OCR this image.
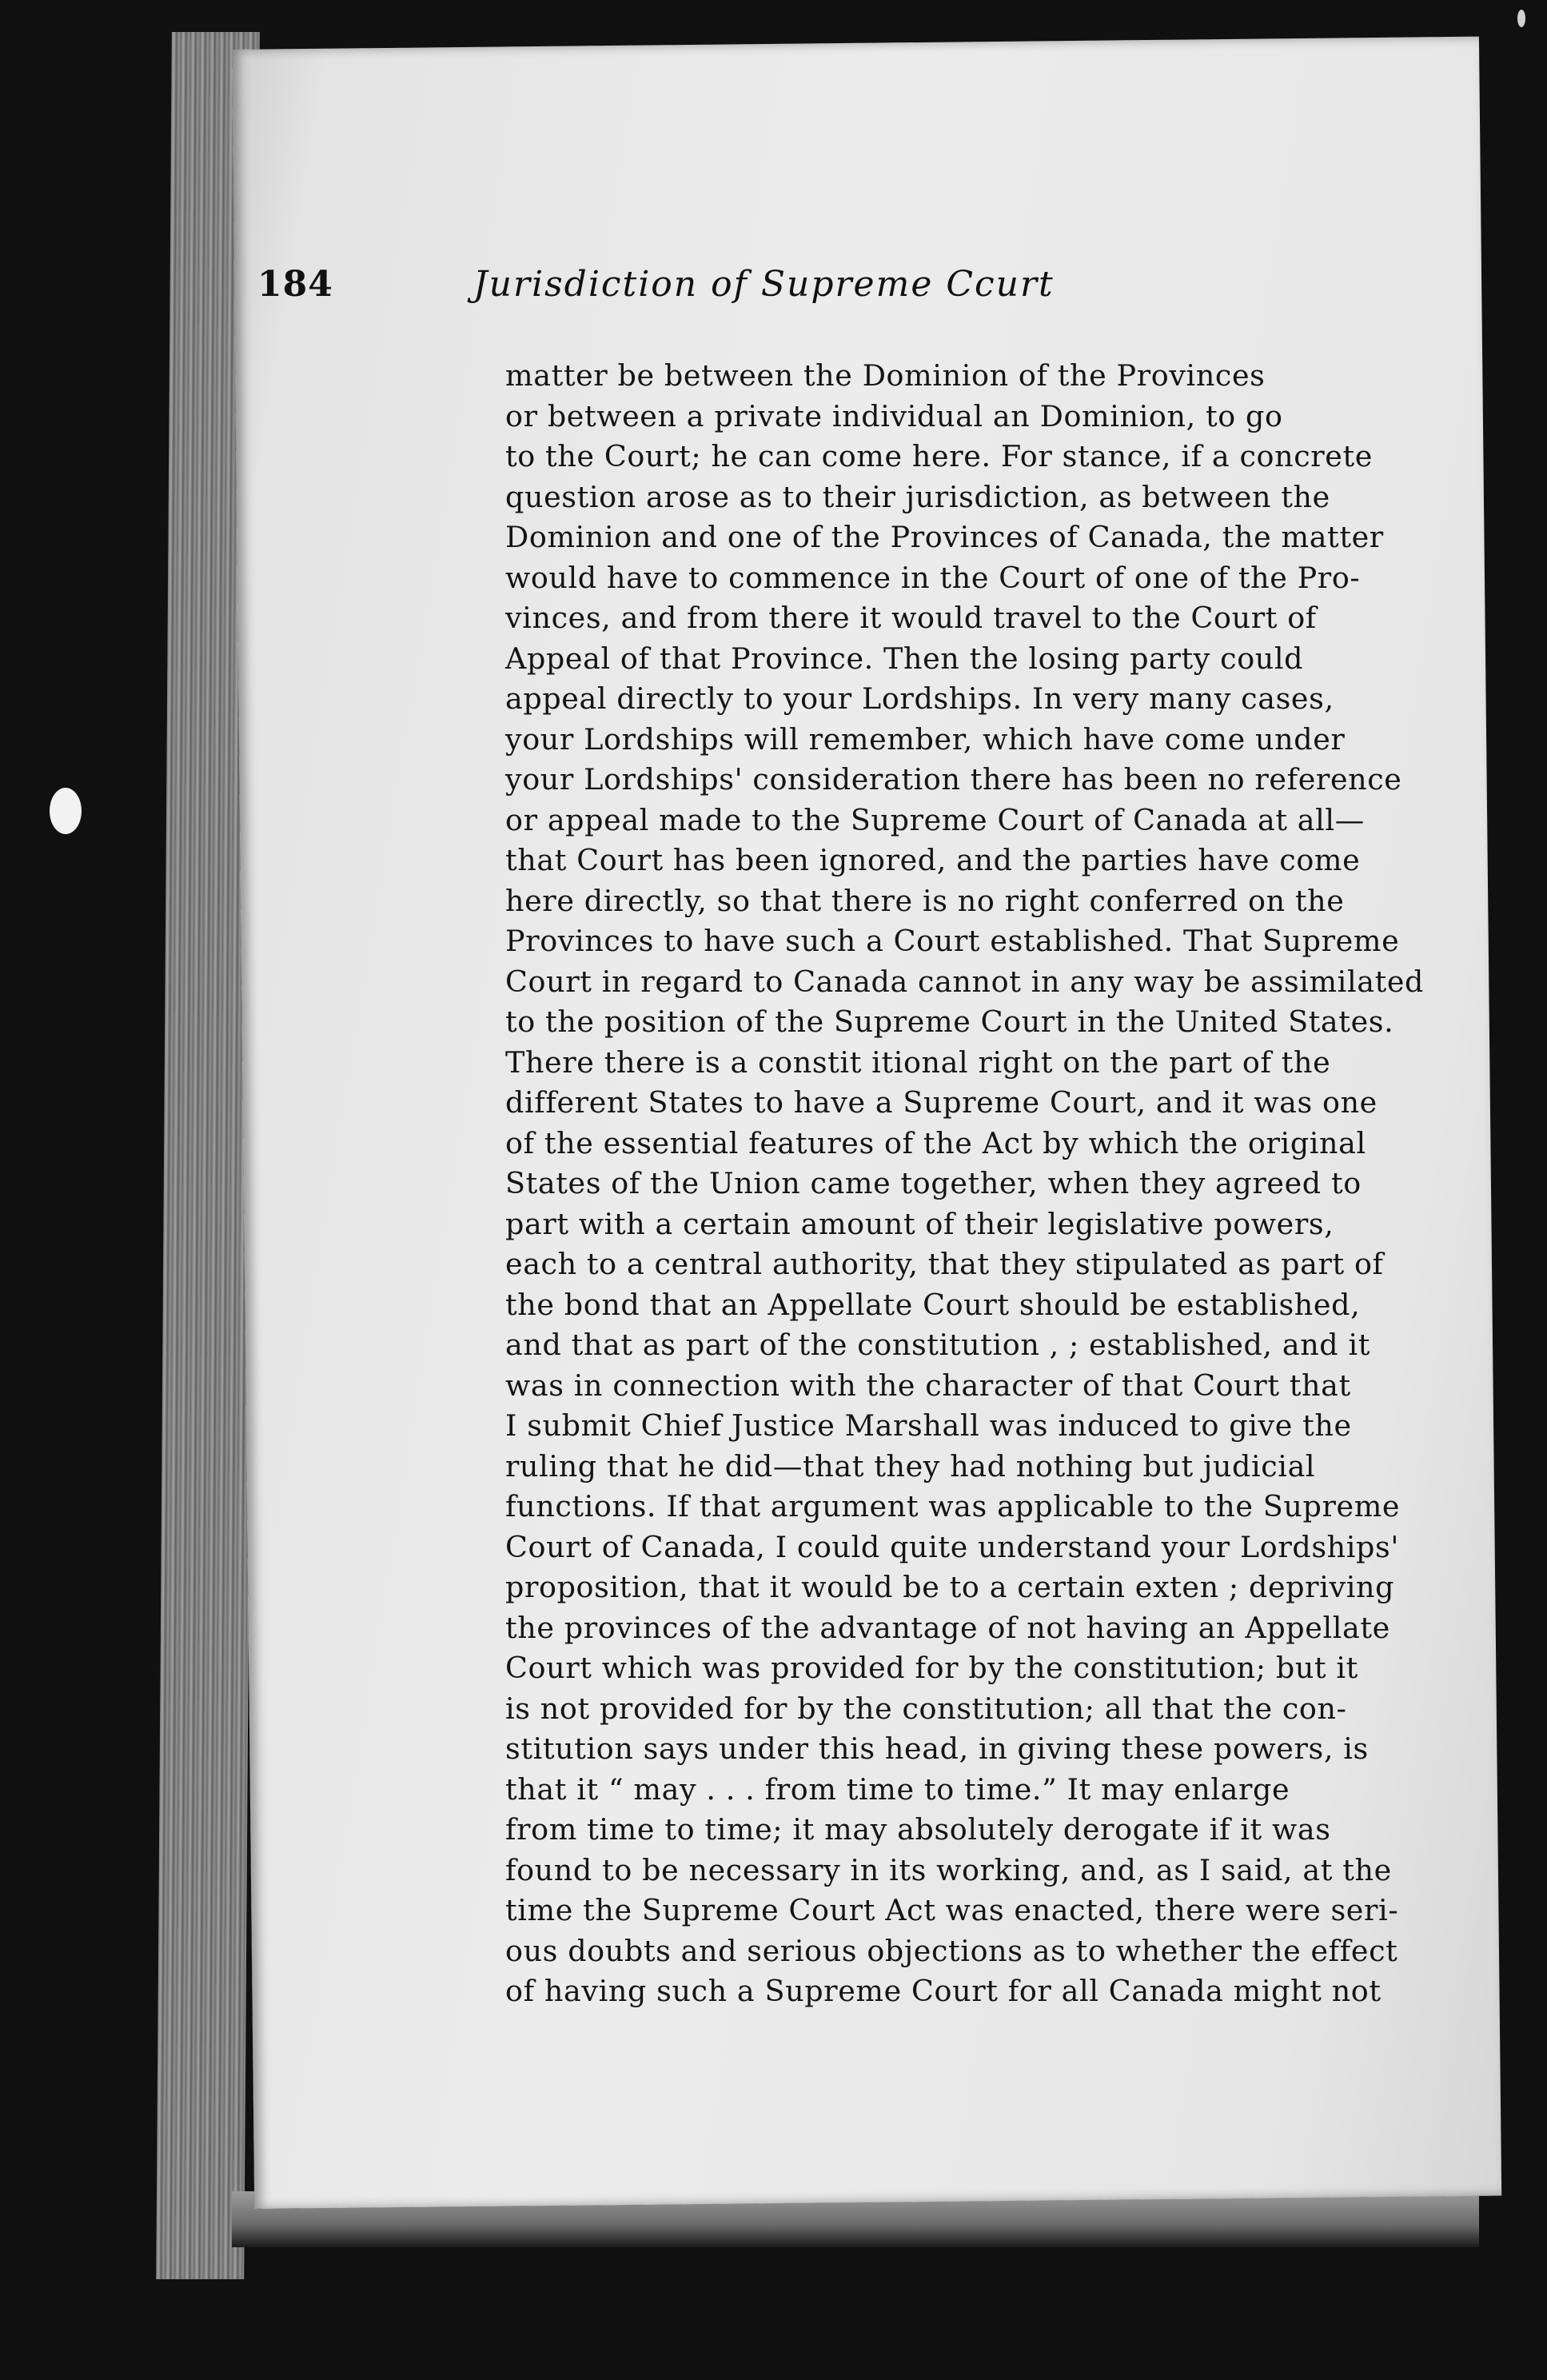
184	Jurisdiction of Supreme Ccurt
matter be between the Dominion of the Provinces
or between a private individual an Dominion, to go
to the Court; he can come here. For stance, if a concrete
question arose as to their jurisdiction, as between the
Dominion and one of the Provinces of Canada, the matter
would have to commence in the Court of one of the Pro-
vinces, and from there it would travel to the Court of
Appeal of that Province. Then the losing party could
appeal directly to your Lordships. In very many cases,
your Lordships will remember, which have come under
your Lordships' consideration there has been no reference
or appeal made to the Supreme Court of Canada at all—
that Court has been ignored, and the parties have come
here directly, so that there is no right conferred on the
Provinces to have such a Court established. That Supreme
Court in regard to Canada cannot in any way be assimilated
to the position of the Supreme Court in the United States.
There there is a constit itional right on the part of the
different States to have a Supreme Court, and it was one
of the essential features of the Act by which the original
States of the Union came together, when they agreed to
part with a certain amount of their legislative powers,
each to a central authority, that they stipulated as part of
the bond that an Appellate Court should be established,
and that as part of the constitution , ; established, and it
was in connection with the character of that Court that
I submit Chief Justice Marshall was induced to give the
ruling that he did—that they had nothing but judicial
functions. If that argument was applicable to the Supreme
Court of Canada, I could quite understand your Lordships'
proposition, that it would be to a certain exten ; depriving
the provinces of the advantage of not having an Appellate
Court which was provided for by the constitution; but it
is not provided for by the constitution; all that the con-
stitution says under this head, in giving these powers, is
that it “ may . . . from time to time.” It may enlarge
from time to time; it may absolutely derogate if it was
found to be necessary in its working, and, as I said, at the
time the Supreme Court Act was enacted, there were seri-
ous doubts and serious objections as to whether the effect
of having such a Supreme Court for all Canada might not
